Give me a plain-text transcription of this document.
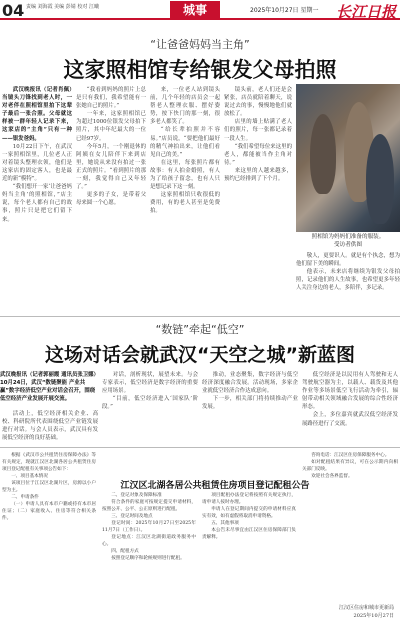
04 责编 刘海霞 美编 彭婧 校对 江曦	城事	2025年10月27日 星期一 长江日报
“让爸爸妈妈当主角”
这家照相馆专给银发父母拍照

武汉晚报讯（记者肖佩）当镜头刀锋找到老人时，一对老伴在照相馆里拍下这辈子最后一张合照。父母就这样被一群年轻人记录下来，这家店的“主角”只有一种——银发爸妈。

10月22日下午，在武汉一家照相馆里，几位老人正对着镜头整理衣领，他们是这家店的固定客人，也是最近的新“模特”。

“我们想开一家‘让爸爸妈妈当主角’的照相馆，”店主说，每个老人都有自己的故事，照片只是把它们留下来。

“我看到妈妈的照片上总是只有我们，我希望能有一张她自己的照片。”

一年来，这家照相馆已为超过1000位银发父母拍下照片，其中年纪最大的一位已经97岁。

今年5月，一个刚退休的阿姨在女儿陪伴下来到店里，她说从来没有拍过一张正式的照片。“看到照片的那一刻，我觉得自己又年轻了。”

更多的子女，是带着父母来圆一个心愿。

来，一位老人站到镜头前，几个年轻的店员会一起帮老人整理衣服、摆好姿势，按下快门的那一刻，很多老人都笑了。

“给长辈拍照并不容易。”店员说，“要把他们最好的精气神拍出来，让他们看见自己的美。”

在这里，每张照片都有故事：有人拍金婚照，有人为了给孩子留念，也有人只是想记录下这一刻。

这家照相馆只收很低的费用，有的老人甚至是免费拍。

镜头前，老人们还是会紧张，店员就陪着聊天，说说过去的事，慢慢地他们就放松了。

店里的墙上贴满了老人们的照片，每一张都记录着一段人生。

“我们希望每位来这里的老人，都能被当作主角对待。”

来这里的人越来越多，预约已经排到了下个月。

照相馆为妈妈们准备的服装。
受访者供图

敬人，更要识人。就是有个执念，想为他们留下美的瞬间。

他表示，未来店将继续为银发父母拍照，记录他们的人生故事，也希望更多年轻人关注身边的老人，多陪伴，多记录。

“数链”牵起“低空”
这场对话会就武汉“天空之城”新蓝图
武汉晚报讯（记者郭丽霞 通讯员张卫娜）10月24日，武汉“数链聚能 产业共赢”数字经济低空产业对话会召开，围绕低空经济产业发展开展交流。

活动上，低空经济相关企业、高校、科研院所代表围绕低空产业链发展进行对话。与会人员表示，武汉具有发展低空经济的良好基础。

对话，剖析现状，展望未来。与会专家表示，低空经济是数字经济的重要应用场景。

“目前，低空经济进入‘国家队’阶段。”

推动，业态聚集，数字经济与低空经济深度融合发展。活动现场，多家企业就低空经济合作达成意向。

下一步，相关部门将持续推动产业发展。

低空经济是以民用有人驾驶和无人驾驶航空器为主，以载人、载货及其他作业等多场景低空飞行活动为牵引，辐射带动相关领域融合发展的综合性经济形态。

会上，多位嘉宾就武汉低空经济发展路径进行了交流。

江汉区北湖各居公共租赁住房项目登记配租公告

根据《武汉市公共租赁住房保障办法》等有关规定，现就江汉区北湖各居公共租赁住房项目登记配租有关事项公告如下：

一、项目基本情况

该项目位于江汉区北湖片区，房源以小户型为主。

二、申请条件

（一）申请人具有本市户籍或持有本市居住证；（二）家庭收入、住房等符合相关条件。

二、登记对象及保障标准

符合条件的家庭可按规定提交申请材料，按照公开、公平、公正原则进行配租。

三、登记时间及地点

登记时间：2025年10月27日至2025年11月7日（工作日）。

登记地点：江汉区北湖街道政务服务中心。

四、配租方式

按照登记顺序和轮候规则进行配租。

项目配租办法登记将按照有关规定执行，请申请人按时办理。

申请人在登记期间内提交的申请材料应真实有效，如有虚假将取消申请资格。

五、其他事项

本公告未尽事宜由江汉区住房保障部门负责解释。

咨询电话：江汉区住房保障服务中心。

如对配租结果有异议，可在公示期内向相关部门反映。

欢迎社会各界监督。

江汉区住房和城市更新局
2025年10月27日
